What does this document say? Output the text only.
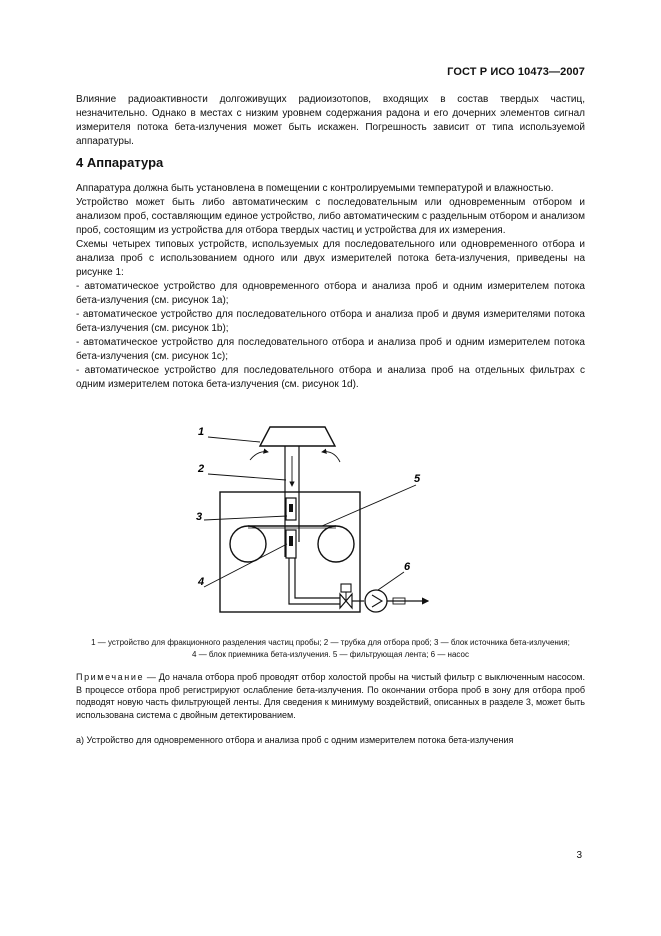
ГОСТ Р ИСО 10473—2007

Влияние радиоактивности долгоживущих радиоизотопов, входящих в состав твердых частиц, незначительно. Однако в местах с низким уровнем содержания радона и его дочерних элементов сигнал измерителя потока бета-излучения может быть искажен. Погрешность зависит от типа используемой аппаратуры.

4 Аппаратура

Аппаратура должна быть установлена в помещении с контролируемыми температурой и влажностью.

Устройство может быть либо автоматическим с последовательным или одновременным отбором и анализом проб, составляющим единое устройство, либо автоматическим с раздельным отбором и анализом проб, состоящим из устройства для отбора твердых частиц и устройства для их измерения.

Схемы четырех типовых устройств, используемых для последовательного или одновременного отбора и анализа проб с использованием одного или двух измерителей потока бета-излучения, приведены на рисунке 1:

- автоматическое устройство для одновременного отбора и анализа проб и одним измерителем потока бета-излучения (см. рисунок 1а);

- автоматическое устройство для последовательного отбора и анализа проб и двумя измерителями потока бета-излучения (см. рисунок 1b);

- автоматическое устройство для последовательного отбора и анализа проб и одним измерителем потока бета-излучения (см. рисунок 1с);

- автоматическое устройство для последовательного отбора и анализа проб на отдельных фильтрах с одним измерителем потока бета-излучения (см. рисунок 1d).

1
2
3
4
5
6
1 — устройство для фракционного разделения частиц пробы; 2 — трубка для отбора проб; 3 — блок источника бета-излучения;
4 — блок приемника бета-излучения. 5 — фильтрующая лента; 6 — насос
Примечание — До начала отбора проб проводят отбор холостой пробы на чистый фильтр с выключенным насосом. В процессе отбора проб регистрируют ослабление бета-излучения. По окончании отбора проб в зону для отбора проб подводят новую часть фильтрующей ленты. Для сведения к минимуму воздействий, описанных в разделе 3, может быть использована система с двойным детектированием.
а) Устройство для одновременного отбора и анализа проб с одним измерителем потока бета-излучения
3
